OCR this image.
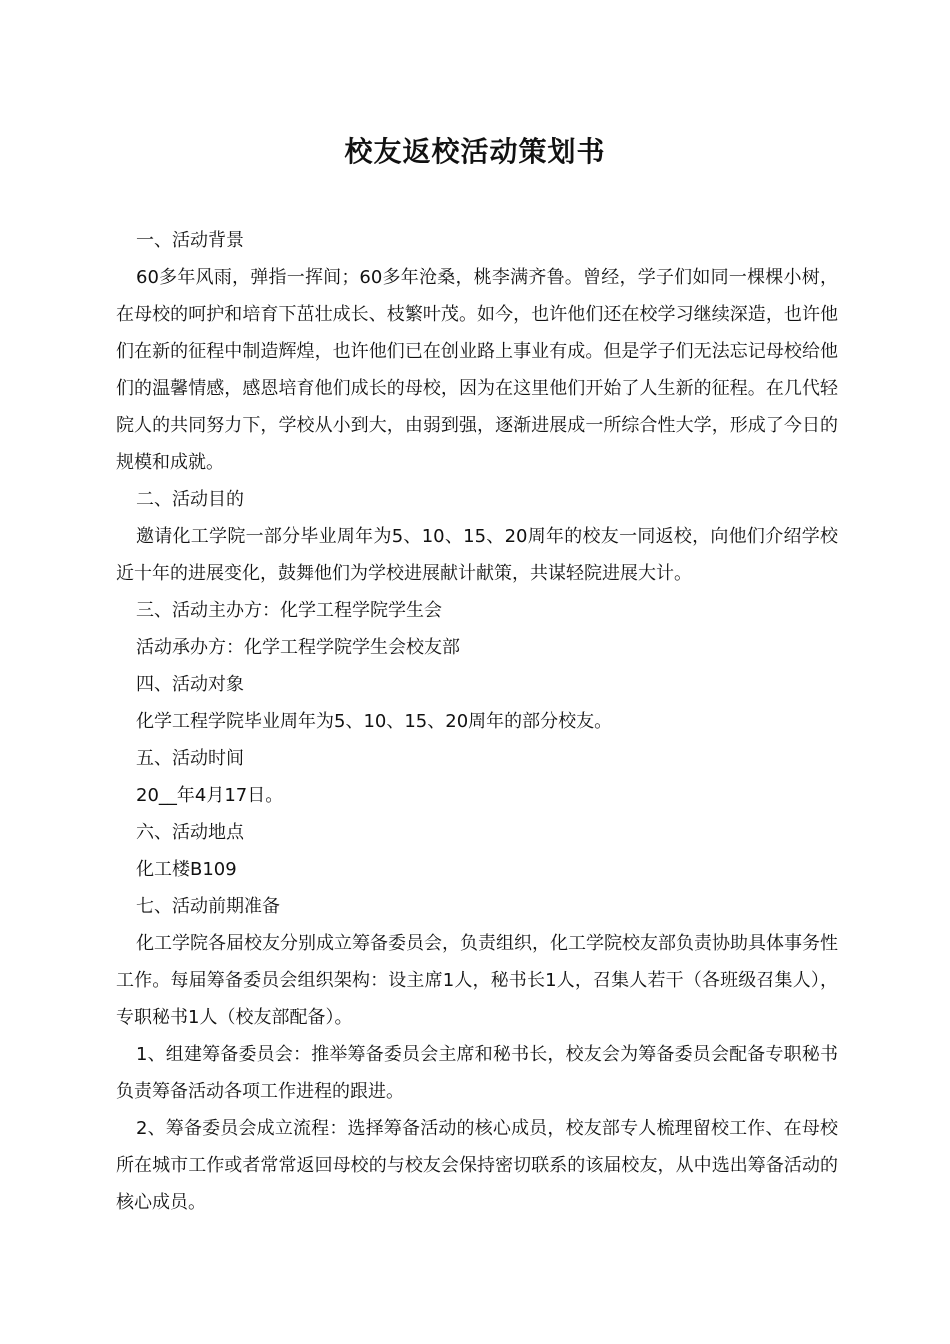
校友返校活动策划书

一、活动背景

60多年风雨，弹指一挥间；60多年沧桑，桃李满齐鲁。曾经，学子们如同一棵棵小树，在母校的呵护和培育下茁壮成长、枝繁叶茂。如今，也许他们还在校学习继续深造，也许他们在新的征程中制造辉煌，也许他们已在创业路上事业有成。但是学子们无法忘记母校给他们的温馨情感，感恩培育他们成长的母校，因为在这里他们开始了人生新的征程。在几代轻院人的共同努力下，学校从小到大，由弱到强，逐渐进展成一所综合性大学，形成了今日的规模和成就。

二、活动目的

邀请化工学院一部分毕业周年为5、10、15、20周年的校友一同返校，向他们介绍学校近十年的进展变化，鼓舞他们为学校进展献计献策，共谋轻院进展大计。

三、活动主办方：化学工程学院学生会

活动承办方：化学工程学院学生会校友部

四、活动对象

化学工程学院毕业周年为5、10、15、20周年的部分校友。

五、活动时间

20__年4月17日。

六、活动地点

化工楼B109

七、活动前期准备

化工学院各届校友分别成立筹备委员会，负责组织，化工学院校友部负责协助具体事务性工作。每届筹备委员会组织架构：设主席1人，秘书长1人，召集人若干（各班级召集人），专职秘书1人（校友部配备）。

1、组建筹备委员会：推举筹备委员会主席和秘书长，校友会为筹备委员会配备专职秘书负责筹备活动各项工作进程的跟进。

2、筹备委员会成立流程：选择筹备活动的核心成员，校友部专人梳理留校工作、在母校所在城市工作或者常常返回母校的与校友会保持密切联系的该届校友，从中选出筹备活动的核心成员。
